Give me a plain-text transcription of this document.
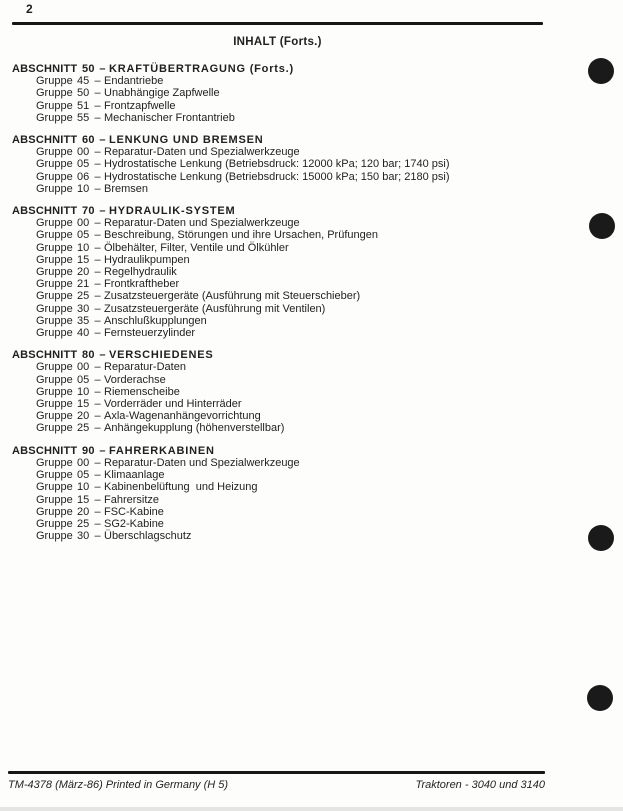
2
INHALT (Forts.)
ABSCHNITT 50 – KRAFTÜBERTRAGUNG (Forts.)
Gruppe 45 – Endantriebe
Gruppe 50 – Unabhängige Zapfwelle
Gruppe 51 – Frontzapfwelle
Gruppe 55 – Mechanischer Frontantrieb
ABSCHNITT 60 – LENKUNG UND BREMSEN
Gruppe 00 – Reparatur-Daten und Spezialwerkzeuge
Gruppe 05 – Hydrostatische Lenkung (Betriebsdruck: 12000 kPa; 120 bar; 1740 psi)
Gruppe 06 – Hydrostatische Lenkung (Betriebsdruck: 15000 kPa; 150 bar; 2180 psi)
Gruppe 10 – Bremsen
ABSCHNITT 70 – HYDRAULIK-SYSTEM
Gruppe 00 – Reparatur-Daten und Spezialwerkzeuge
Gruppe 05 – Beschreibung, Störungen und ihre Ursachen, Prüfungen
Gruppe 10 – Ölbehälter, Filter, Ventile und Ölkühler
Gruppe 15 – Hydraulikpumpen
Gruppe 20 – Regelhydraulik
Gruppe 21 – Frontkraftheber
Gruppe 25 – Zusatzsteuergeräte (Ausführung mit Steuerschieber)
Gruppe 30 – Zusatzsteuergeräte (Ausführung mit Ventilen)
Gruppe 35 – Anschlußkupplungen
Gruppe 40 – Fernsteuerzylinder
ABSCHNITT 80 – VERSCHIEDENES
Gruppe 00 – Reparatur-Daten
Gruppe 05 – Vorderachse
Gruppe 10 – Riemenscheibe
Gruppe 15 – Vorderräder und Hinterräder
Gruppe 20 – Axla-Wagenanhängevorrichtung
Gruppe 25 – Anhängekupplung (höhenverstellbar)
ABSCHNITT 90 – FAHRERKABINEN
Gruppe 00 – Reparatur-Daten und Spezialwerkzeuge
Gruppe 05 – Klimaanlage
Gruppe 10 – Kabinenbelüftung  und Heizung
Gruppe 15 – Fahrersitze
Gruppe 20 – FSC-Kabine
Gruppe 25 – SG2-Kabine
Gruppe 30 – Überschlagschutz
TM-4378 (März-86) Printed in Germany (H 5)	Traktoren - 3040 und 3140
